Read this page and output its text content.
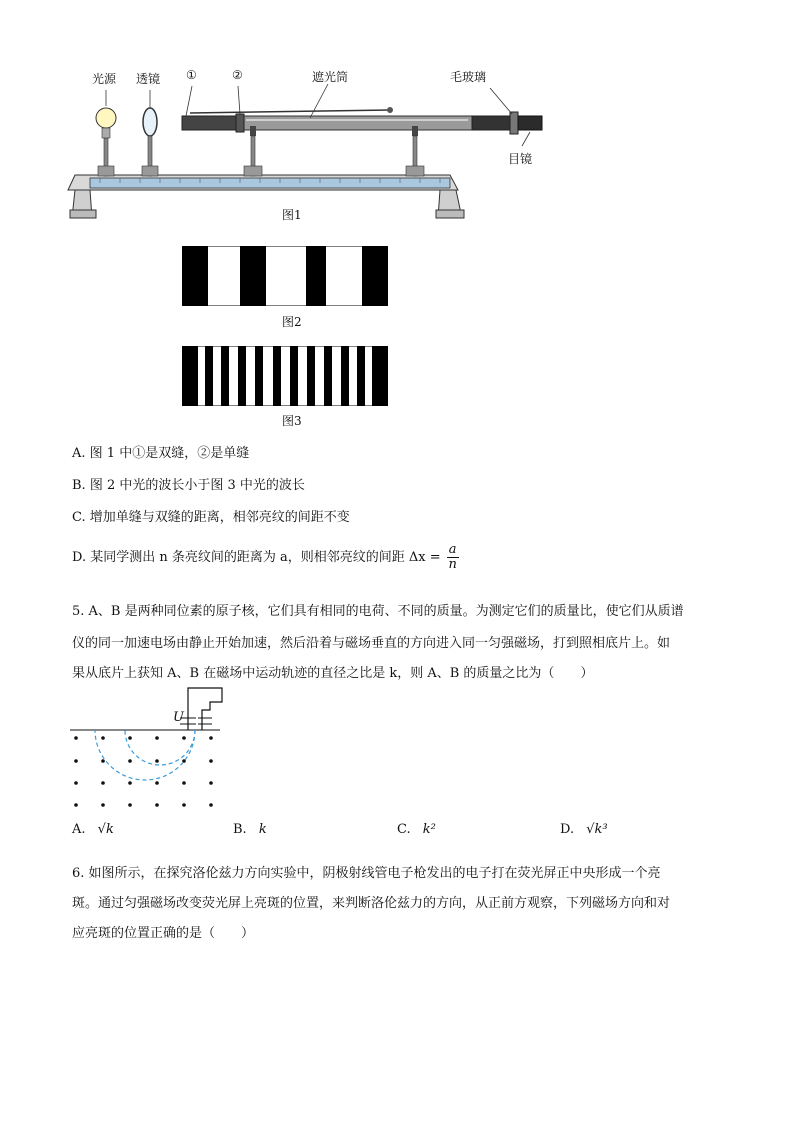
光源 透镜 ①	②	遮光筒	毛玻璃
目镜
图1
图2
图3
A. 图 1 中①是双缝，②是单缝
B. 图 2 中光的波长小于图 3 中光的波长
C. 增加单缝与双缝的距离，相邻亮纹的间距不变
D. 某同学测出 n 条亮纹间的距离为 a，则相邻亮纹的间距 $\Delta x = \frac{a}{n}$
5. A、B 是两种同位素的原子核，它们具有相同的电荷、不同的质量。为测定它们的质量比，使它们从质谱
仪的同一加速电场由静止开始加速，然后沿着与磁场垂直的方向进入同一匀强磁场，打到照相底片上。如
果从底片上获知 A、B 在磁场中运动轨迹的直径之比是 k，则 A、B 的质量之比为（　　）
U
A. √k	B. k	C. k²	D. √k³
6. 如图所示，在探究洛伦兹力方向实验中，阴极射线管电子枪发出的电子打在荧光屏正中央形成一个亮
斑。通过匀强磁场改变荧光屏上亮斑的位置，来判断洛伦兹力的方向，从正前方观察，下列磁场方向和对
应亮斑的位置正确的是（　　）
